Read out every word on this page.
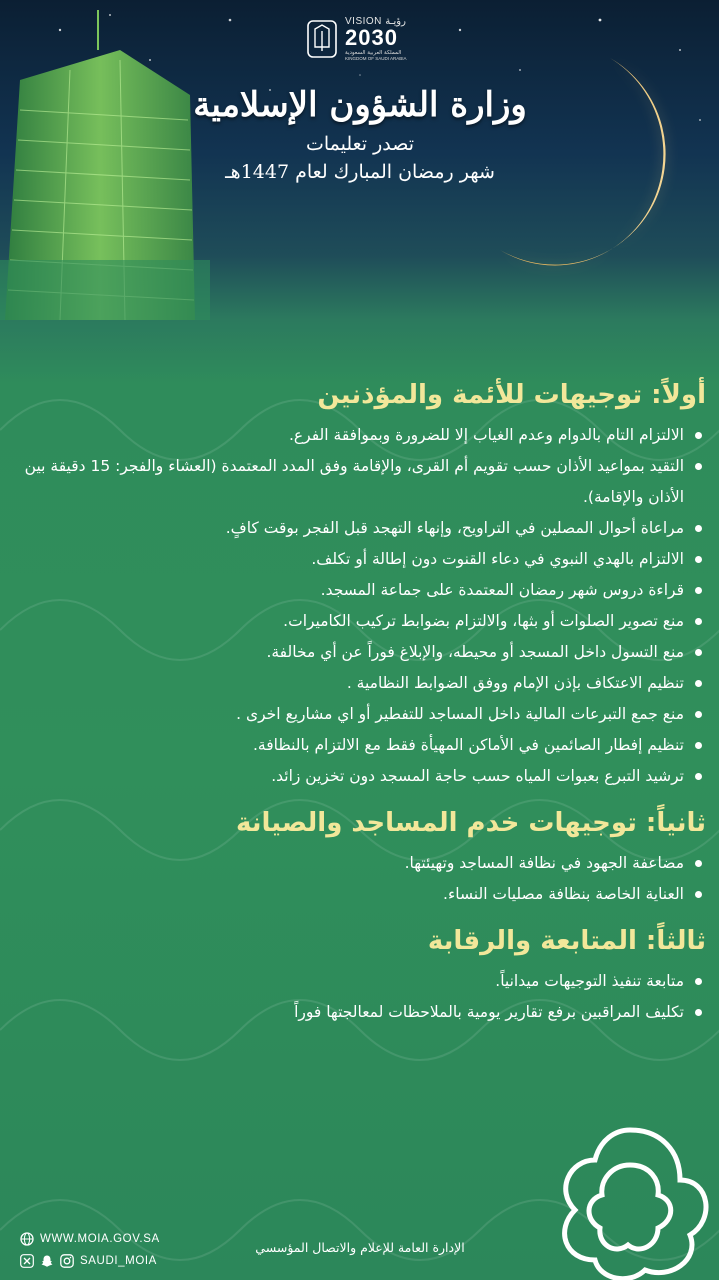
VISION رؤيـة
2030
المملكة العربية السعودية
KINGDOM OF SAUDI ARABIA
وزارة الشؤون الإسلامية
تصدر تعليمات
شهر رمضان المبارك لعام 1447هـ
أولاً: توجيهات للأئمة والمؤذنين
الالتزام التام بالدوام وعدم الغياب إلا للضرورة وبموافقة الفرع.
التقيد بمواعيد الأذان حسب تقويم أم القرى، والإقامة وفق المدد المعتمدة (العشاء والفجر: 15 دقيقة بين الأذان والإقامة).
مراعاة أحوال المصلين في التراويح، وإنهاء التهجد قبل الفجر بوقت كافٍ.
الالتزام بالهدي النبوي في دعاء القنوت دون إطالة أو تكلف.
قراءة دروس شهر رمضان المعتمدة على جماعة المسجد.
منع تصوير الصلوات أو بثها، والالتزام بضوابط تركيب الكاميرات.
منع التسول داخل المسجد أو محيطه، والإبلاغ فوراً عن أي مخالفة.
تنظيم الاعتكاف بإذن الإمام ووفق الضوابط النظامية .
منع جمع التبرعات المالية داخل المساجد للتفطير أو اي مشاريع اخرى .
تنظيم إفطار الصائمين في الأماكن المهيأة فقط مع الالتزام بالنظافة.
ترشيد التبرع بعبوات المياه حسب حاجة المسجد دون تخزين زائد.
ثانياً: توجيهات خدم المساجد والصيانة
مضاعفة الجهود في نظافة المساجد وتهيئتها.
العناية الخاصة بنظافة مصليات النساء.
ثالثاً: المتابعة والرقابة
متابعة تنفيذ التوجيهات ميدانياً.
تكليف المراقبين برفع تقارير يومية بالملاحظات لمعالجتها فوراً
WWW.MOIA.GOV.SA
SAUDI_MOIA
الإدارة العامة للإعلام والاتصال المؤسسي
